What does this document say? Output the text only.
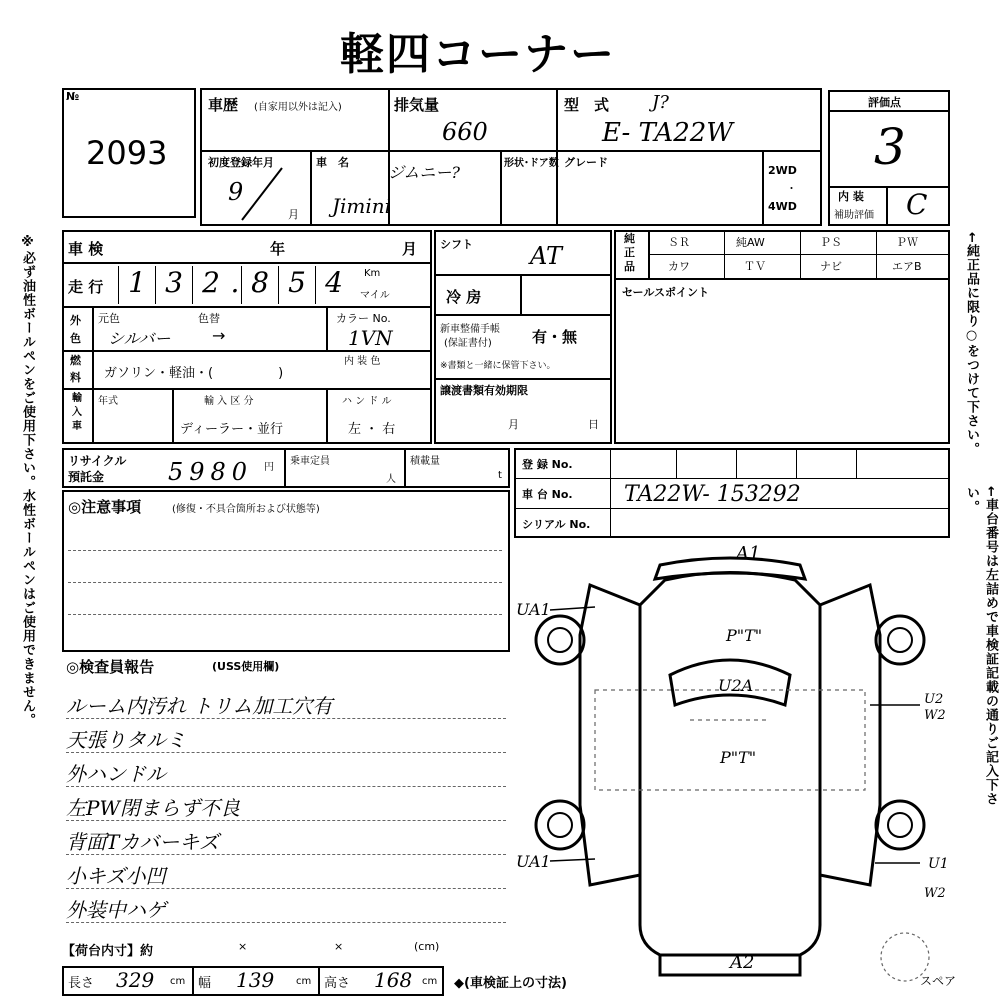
軽四コーナー
※必ず油性ボールペンをご使用下さい。水性ボールペンはご使用できません。	←純正品に限り○をつけて下さい。
←車台番号は左詰めで車検証記載の通りご記入下さい。
№
2093
車歴 (自家用以外は記入)	排気量
660
型　式 J?
E- TA22W
初度登録年月
9
月
車　名
ジムニー?
Jimini
形状･ドア数 グレード
2WD
・
4WD
評価点
3
内 装
補助評価 C
車 検	年	月
走 行 1 3 2 . 8 5 4	Km
マイル
外色
元色	色替
シルバー	→
カラー No.
1VN
燃料	ガソリン・軽油・(　　　　　)
内 装 色
輸入車
年式	輸 入 区 分
ディーラー・並行
ハ ン ド ル
左 ・ 右
シフト AT
冷 房
新車整備手帳
(保証書付)	有・無
※書類と一緒に保管下さい。
譲渡書類有効期限
月	日
純正品
ＳＲ	純AW	ＰＳ	ＰＷ
カワ	ＴＶ	ナビ	エアB
セールスポイント
リサイクル
預託金	5980 円
乗車定員
人
積載量
t
登 録 No.
車 台 No. TA22W- 153292
シリアル No.
◎注意事項	(修復・不具合箇所および状態等)
◎検査員報告	(USS使用欄)
ルーム内汚れ トリム加工穴有
天張りタルミ
外ハンドル
左PW閉まらず不良
背面Tカバーキズ
小キズ小凹
外装中ハゲ
【荷台内寸】約	×	×	(cm)
長さ 329 cm 幅 139 cm 高さ 168 cm ◆(車検証上の寸法)
A1
UA1
P"T"
U2
W2
U2A
P"T"
UA1	U1
W2
A2
スペア
